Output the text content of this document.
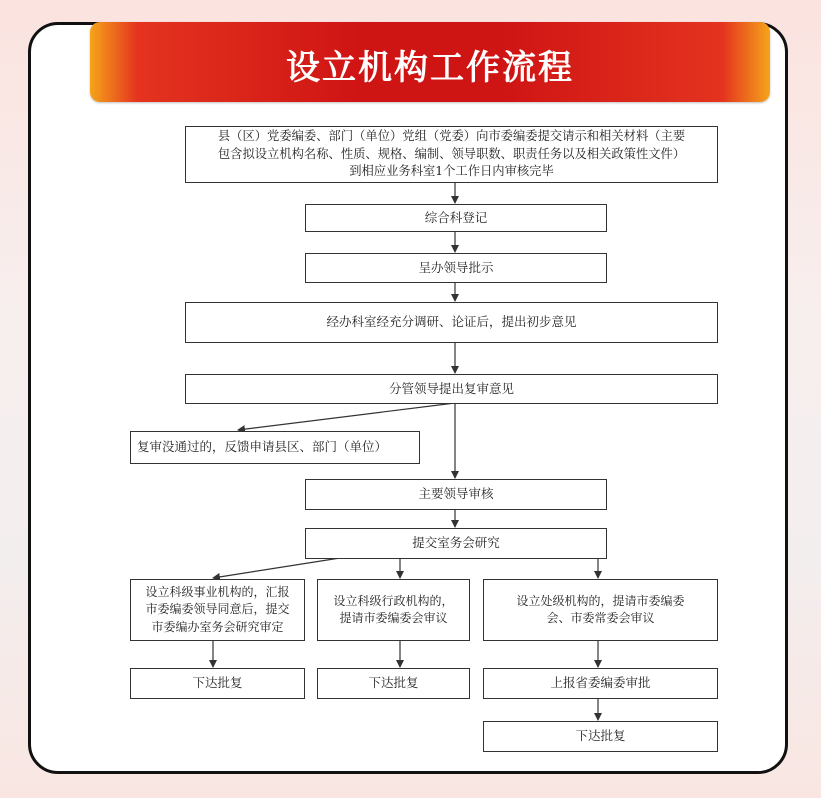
设立机构工作流程
县（区）党委编委、部门（单位）党组（党委）向市委编委提交请示和相关材料（主要
包含拟设立机构名称、性质、规格、编制、领导职数、职责任务以及相关政策性文件）
到相应业务科室1个工作日内审核完毕
综合科登记
呈办领导批示
经办科室经充分调研、论证后，提出初步意见
分管领导提出复审意见
复审没通过的，反馈申请县区、部门（单位）
主要领导审核
提交室务会研究
设立科级事业机构的，汇报
市委编委领导同意后，提交
市委编办室务会研究审定
设立科级行政机构的，
提请市委编委会审议
设立处级机构的，提请市委编委
会、市委常委会审议
下达批复	下达批复	上报省委编委审批
下达批复
